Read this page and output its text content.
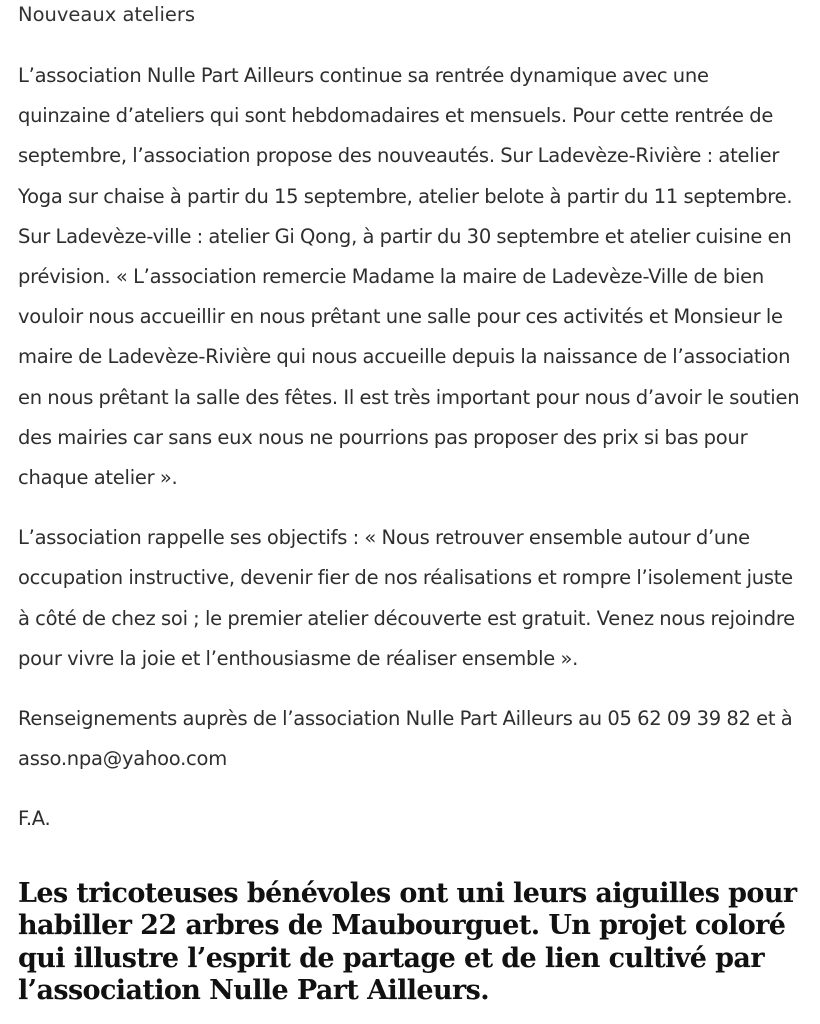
Nouveaux ateliers

L’association Nulle Part Ailleurs continue sa rentrée dynamique avec une quinzaine d’ateliers qui sont hebdomadaires et mensuels. Pour cette rentrée de septembre, l’association propose des nouveautés. Sur Ladevèze-Rivière : atelier Yoga sur chaise à partir du 15 septembre, atelier belote à partir du 11 septembre. Sur Ladevèze-ville : atelier Gi Qong, à partir du 30 septembre et atelier cuisine en prévision. « L’association remercie Madame la maire de Ladevèze-Ville de bien vouloir nous accueillir en nous prêtant une salle pour ces activités et Monsieur le maire de Ladevèze-Rivière qui nous accueille depuis la naissance de l’association en nous prêtant la salle des fêtes. Il est très important pour nous d’avoir le soutien des mairies car sans eux nous ne pourrions pas proposer des prix si bas pour chaque atelier ».

L’association rappelle ses objectifs : « Nous retrouver ensemble autour d’une occupation instructive, devenir fier de nos réalisations et rompre l’isolement juste à côté de chez soi ; le premier atelier découverte est gratuit. Venez nous rejoindre pour vivre la joie et l’enthousiasme de réaliser ensemble ».

Renseignements auprès de l’association Nulle Part Ailleurs au 05 62 09 39 82 et à asso.npa@yahoo.com

F.A.

Les tricoteuses bénévoles ont uni leurs aiguilles pour habiller 22 arbres de Maubourguet. Un projet coloré qui illustre l’esprit de partage et de lien cultivé par l’association Nulle Part Ailleurs.
